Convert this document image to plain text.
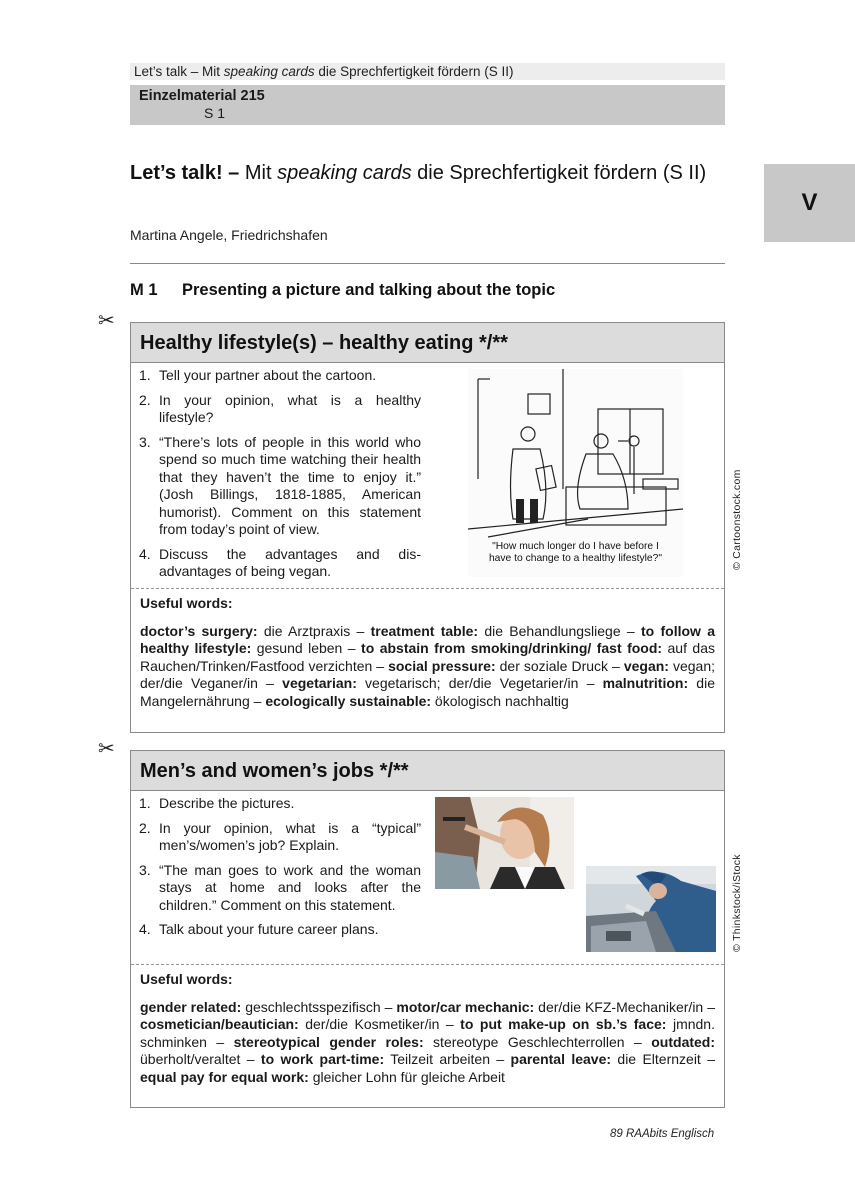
Let’s talk – Mit speaking cards die Sprechfertigkeit fördern (S II)
Einzelmaterial 215
S 1
V
Let’s talk! – Mit speaking cards die Sprechfertigkeit fördern (S II)
Martina Angele, Friedrichshafen
M 1 Presenting a picture and talking about the topic
✂
Healthy lifestyle(s) – healthy eating */**
1. Tell your partner about the cartoon.
2. In your opinion, what is a healthy lifestyle?
3. “There’s lots of people in this world who spend so much time watching their health that they haven’t the time to enjoy it.” (Josh Billings, 1818-1885, American humorist). Comment on this statement from today’s point of view.
4. Discuss the advantages and dis-advantages of being vegan.
"How much longer do I have before I
have to change to a healthy lifestyle?"
Useful words:
doctor’s surgery: die Arztpraxis – treatment table: die Behandlungsliege – to follow a healthy lifestyle: gesund leben – to abstain from smoking/drinking/ fast food: auf das Rauchen/Trinken/Fastfood verzichten – social pressure: der soziale Druck – vegan: vegan; der/die Veganer/in – vegetarian: vegetarisch; der/die Vegetarier/in – malnutrition: die Mangelernährung – ecologically sustainable: ökologisch nachhaltig
© Cartoonstock.com
✂
Men’s and women’s jobs */**
1. Describe the pictures.
2. In your opinion, what is a “typical” men’s/women’s job? Explain.
3. “The man goes to work and the woman stays at home and looks after the children.” Comment on this statement.
4. Talk about your future career plans.
Useful words:
gender related: geschlechtsspezifisch – motor/car mechanic: der/die KFZ-Mechaniker/in – cosmetician/beautician: der/die Kosmetiker/in – to put make-up on sb.’s face: jmndn. schminken – stereotypical gender roles: stereotype Geschlechterrollen – outdated: überholt/veraltet – to work part-time: Teilzeit arbeiten – parental leave: die Elternzeit – equal pay for equal work: gleicher Lohn für gleiche Arbeit
© Thinkstock/iStock
89 RAAbits Englisch
